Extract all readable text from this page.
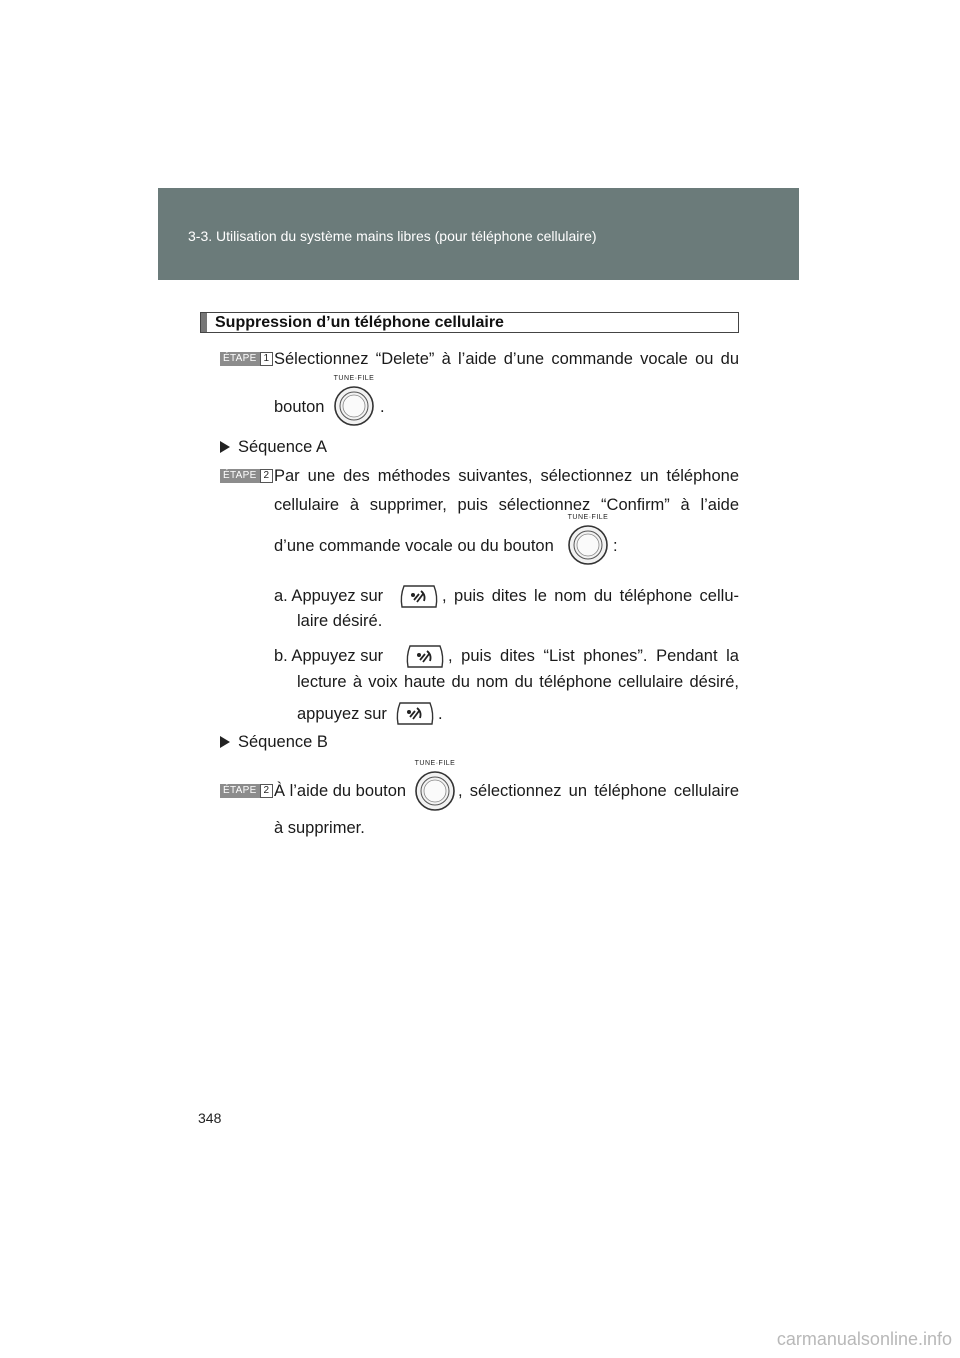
3-3. Utilisation du système mains libres (pour téléphone cellulaire)
Suppression d’un téléphone cellulaire
ÉTAPE 1 Sélectionnez “Delete” à l’aide d’une commande vocale ou du
bouton
TUNE·FILE
.
Séquence A
ÉTAPE 2 Par une des méthodes suivantes, sélectionnez un téléphone
cellulaire à supprimer, puis sélectionnez “Confirm” à l’aide
d’une commande vocale ou du bouton
TUNE·FILE
:
a. Appuyez sur	, puis dites le nom du téléphone cellu-
laire désiré.
b. Appuyez sur	, puis dites “List phones”. Pendant la
lecture à voix haute du nom du téléphone cellulaire désiré,
appuyez sur	.
Séquence B
ÉTAPE 2 À l’aide du bouton
TUNE·FILE
, sélectionnez un téléphone cellulaire
à supprimer.
348
carmanualsonline.info
